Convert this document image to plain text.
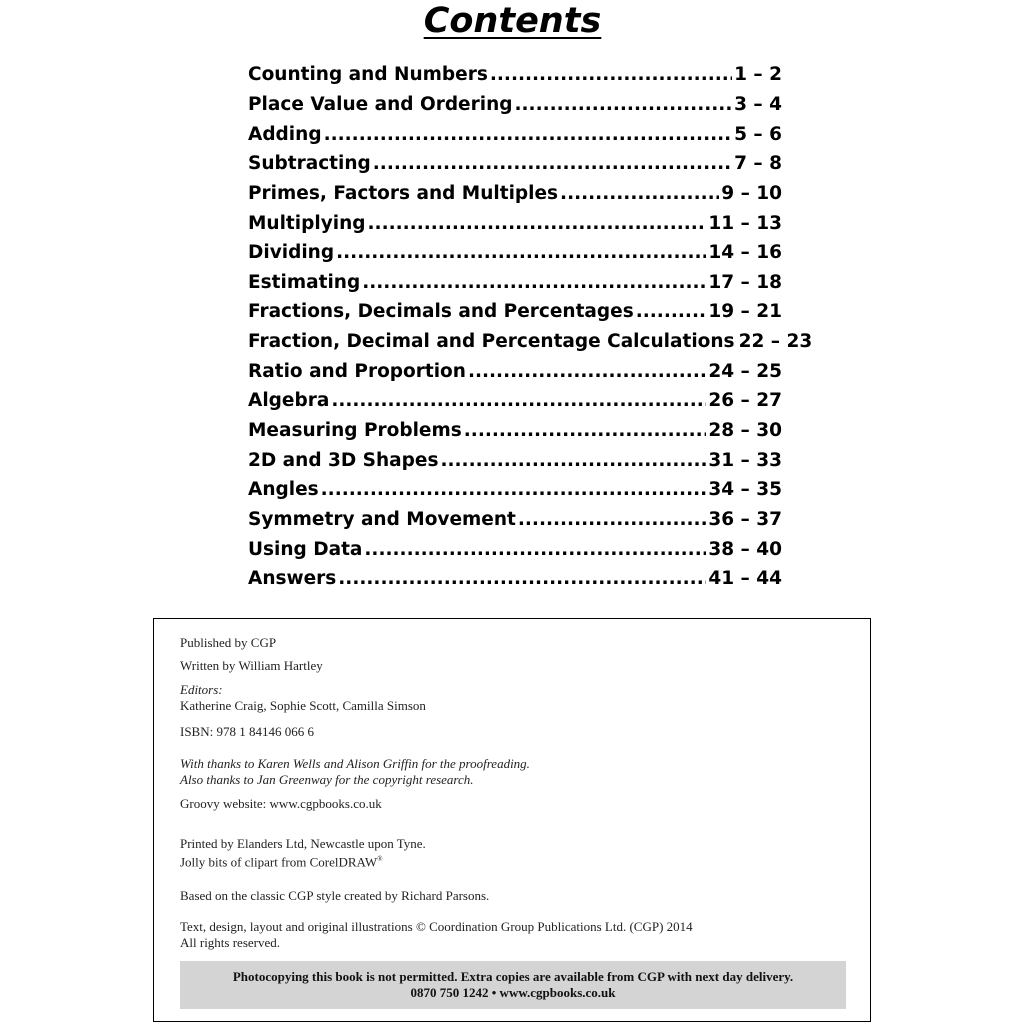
Contents
Counting and Numbers .....	1 – 2
Place Value and Ordering .....	3 – 4
Adding .....	5 – 6
Subtracting .....	7 – 8
Primes, Factors and Multiples .....	9 – 10
Multiplying .....	11 – 13
Dividing .....	14 – 16
Estimating .....	17 – 18
Fractions, Decimals and Percentages .....	19 – 21
Fraction, Decimal and Percentage Calculations 22 – 23
Ratio and Proportion .....	24 – 25
Algebra .....	26 – 27
Measuring Problems .....	28 – 30
2D and 3D Shapes .....	31 – 33
Angles .....	34 – 35
Symmetry and Movement .....	36 – 37
Using Data .....	38 – 40
Answers .....	41 – 44
Published by CGP
Written by William Hartley
Editors:
Katherine Craig, Sophie Scott, Camilla Simson
ISBN: 978 1 84146 066 6
With thanks to Karen Wells and Alison Griffin for the proofreading.
Also thanks to Jan Greenway for the copyright research.
Groovy website: www.cgpbooks.co.uk
Printed by Elanders Ltd, Newcastle upon Tyne.
Jolly bits of clipart from CorelDRAW®
Based on the classic CGP style created by Richard Parsons.
Text, design, layout and original illustrations © Coordination Group Publications Ltd. (CGP) 2014
All rights reserved.
Photocopying this book is not permitted. Extra copies are available from CGP with next day delivery.
0870 750 1242 • www.cgpbooks.co.uk
